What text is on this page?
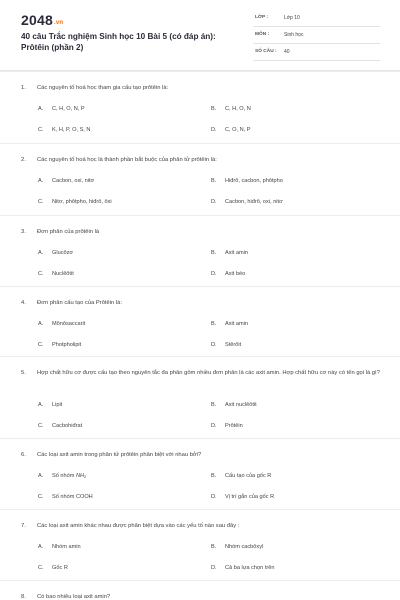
2048.vn
40 câu Trắc nghiệm Sinh học 10 Bài 5 (có đáp án): Prôtêin (phần 2)
LỚP :	Lớp 10
MÔN :	Sinh học
SỐ CÂU : 40
1. Các nguyên tố hoá học tham gia cấu tạo prôtêin là:
A. C, H, O, N, P	B. C, H, O, N
C. K, H, P, O, S, N	D. C, O, N, P
2. Các nguyên tố hoá học là thành phần bắt buộc của phân tử prôtêin là:
A. Cacbon, oxi, nitơ	B. Hiđrô, cacbon, phôtpho
C. Nitơ, phôtpho, hiđrô, ôxi	D. Cacbon, hiđrô, oxi, nitơ
3. Đơn phân của prôtêin là
A. Glucôzơ	B. Axit amin
C. Nuclêôtit	D. Axit béo
4. Đơn phân cấu tạo của Prôtêin là:
A. Mônôsaccarit	B. Axit amin
C. Photpholipit	D. Stêrôit
5. Hợp chất hữu cơ được cấu tạo theo nguyên tắc đa phân gồm nhiều đơn phân là các axit amin. Hợp chất hữu cơ này có tên gọi là gì?
A. Lipit	B. Axit nuclêôtit
C. Cacbohiđrat	D. Prôtêin
6. Các loại axit amin trong phân tử prôtêin phân biệt với nhau bởi?
A. Số nhóm NH2	B. Cấu tạo của gốc R
C. Số nhóm COOH	D. Vị trí gắn của gốc R
7. Các loại axit amin khác nhau được phân biệt dựa vào các yếu tố nào sau đây :
A. Nhóm amin	B. Nhóm cacbôxyl
C. Gốc R	D. Cả ba lựa chọn trên
8. Có bao nhiêu loại axit amin?
